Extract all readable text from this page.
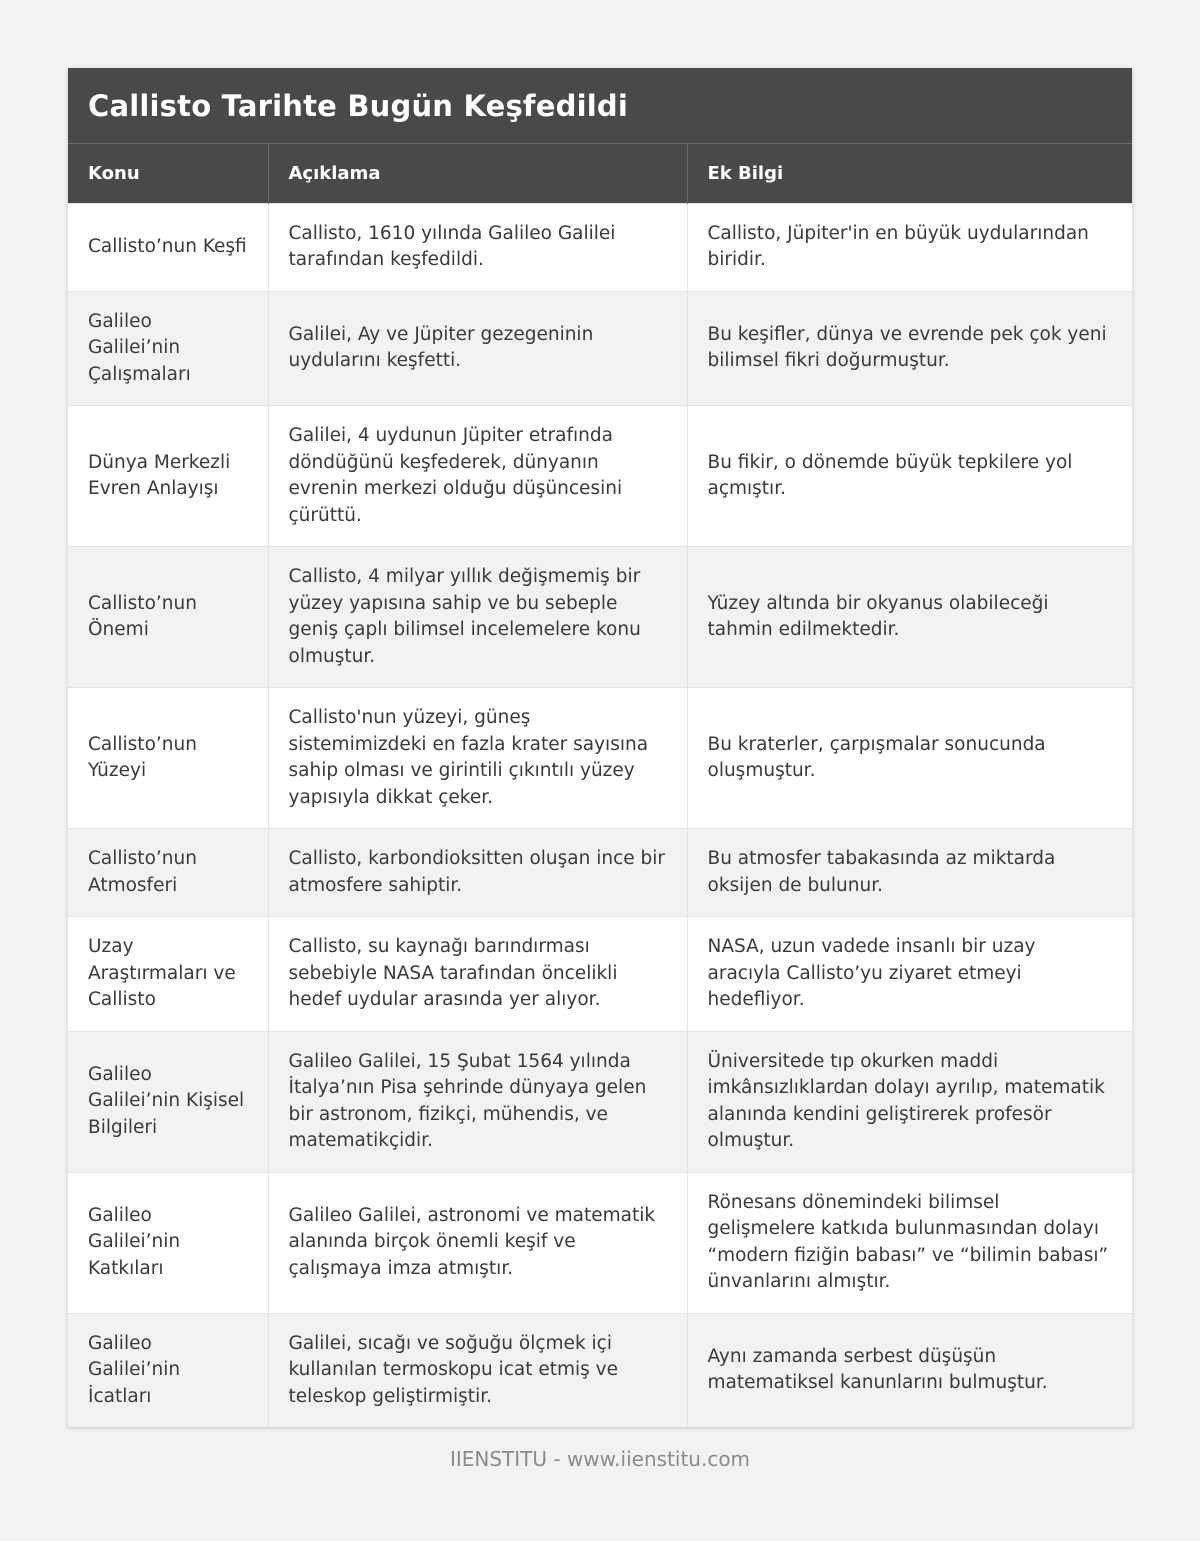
Callisto Tarihte Bugün Keşfedildi
Konu	Açıklama	Ek Bilgi
Callisto’nun Keşfi	Callisto, 1610 yılında Galileo Galilei tarafından keşfedildi.	Callisto, Jüpiter'in en büyük uydularından biridir.
Galileo Galilei’nin Çalışmaları	Galilei, Ay ve Jüpiter gezegeninin uydularını keşfetti.	Bu keşifler, dünya ve evrende pek çok yeni bilimsel fikri doğurmuştur.
Dünya Merkezli Evren Anlayışı	Galilei, 4 uydunun Jüpiter etrafında döndüğünü keşfederek, dünyanın evrenin merkezi olduğu düşüncesini çürüttü.	Bu fikir, o dönemde büyük tepkilere yol açmıştır.
Callisto’nun Önemi	Callisto, 4 milyar yıllık değişmemiş bir yüzey yapısına sahip ve bu sebeple geniş çaplı bilimsel incelemelere konu olmuştur.	Yüzey altında bir okyanus olabileceği tahmin edilmektedir.
Callisto’nun Yüzeyi	Callisto'nun yüzeyi, güneş sistemimizdeki en fazla krater sayısına sahip olması ve girintili çıkıntılı yüzey yapısıyla dikkat çeker.	Bu kraterler, çarpışmalar sonucunda oluşmuştur.
Callisto’nun Atmosferi	Callisto, karbondioksitten oluşan ince bir atmosfere sahiptir.	Bu atmosfer tabakasında az miktarda oksijen de bulunur.
Uzay Araştırmaları ve Callisto	Callisto, su kaynağı barındırması sebebiyle NASA tarafından öncelikli hedef uydular arasında yer alıyor.	NASA, uzun vadede insanlı bir uzay aracıyla Callisto’yu ziyaret etmeyi hedefliyor.
Galileo Galilei’nin Kişisel Bilgileri	Galileo Galilei, 15 Şubat 1564 yılında İtalya’nın Pisa şehrinde dünyaya gelen bir astronom, fizikçi, mühendis, ve matematikçidir.	Üniversitede tıp okurken maddi imkânsızlıklardan dolayı ayrılıp, matematik alanında kendini geliştirerek profesör olmuştur.
Galileo Galilei’nin Katkıları	Galileo Galilei, astronomi ve matematik alanında birçok önemli keşif ve çalışmaya imza atmıştır.	Rönesans dönemindeki bilimsel gelişmelere katkıda bulunmasından dolayı “modern fiziğin babası” ve “bilimin babası” ünvanlarını almıştır.
Galileo Galilei’nin İcatları	Galilei, sıcağı ve soğuğu ölçmek içi kullanılan termoskopu icat etmiş ve teleskop geliştirmiştir.	Aynı zamanda serbest düşüşün matematiksel kanunlarını bulmuştur.
IIENSTITU - www.iienstitu.com
